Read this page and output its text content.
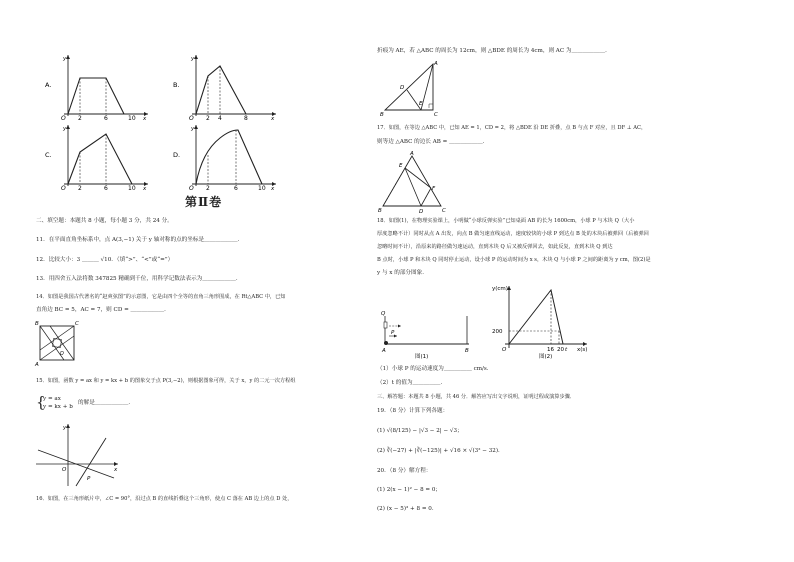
A.
y
x
O 2	6	10
B.
y
x
O 2 4	8
C.
y
x
O 2	6	10
D.
y
x
O 2	6	10
第Ⅱ卷
二、填空题：本题共 8 小题，每小题 3 分，共 24 分。
11．在平面直角坐标系中，点 A(3,−1) 关于 y 轴对称的点的坐标是＿＿＿＿＿＿．
12．比较大小：3 ＿＿＿ √10．（填“>”、“<”或“=”）
13．用四舍五入法将数 347825 精确到千位，用科学记数法表示为＿＿＿＿＿＿．
14．如图是我国古代著名的“赵爽弦图”的示意图，它是由四个全等的直角三角形围成，在 Rt△ABC 中，已知
直角边 BC = 5，AC = 7，则 CD = ＿＿＿＿＿＿．
B	C
A
D
15．如图，函数 y = ax 和 y = kx + b 的图象交于点 P(3,−2)，则根据图象可得，关于 x，y 的二元一次方程组
{
y = ax
y = kx + b
的解是＿＿＿＿＿＿．
y
O	x
P
16．如图，在三角形纸片中，∠C = 90°，沿过点 B 的直线折叠这个三角形，使点 C 落在 AB 边上的点 D 处，
折痕为 AE，若 △ABC 的周长为 12cm，则 △BDE 的周长为 4cm，则 AC 为＿＿＿＿＿＿．
A
D
E
B	C
17．如图，在等边 △ABC 中，已知 AE = 1，CD = 2，将 △BDE 沿 DE 折叠，点 B 与点 F 对应，且 DF ⊥ AC，
则等边 △ABC 的边长 AB = ＿＿＿＿＿＿．
A
E
F
B	D	C
18．如图(1)，在物理实验课上，小明做“小球反弹实验”已知桌面 AB 的长为 1600cm，小球 P 与木块 Q（大小
厚度忽略不计）同时从点 A 出发，向点 B 做匀速直线运动，速度较快的小球 P 到达点 B 处的木块后被弹回（后被弹回
忽略时间不计），沿原来的路径做匀速运动，直到木块 Q 后又被反弹回去，如此反复，直到木块 Q 到达
B 点时，小球 P 和木块 Q 同时停止运动，设小球 P 的运动时间为 x s，木块 Q 与小球 P 之间的距离为 y cm，图(2)是
y 与 x 的部分图象．
Q
P
A	B
图(1)
y(cm)
x(s)
200
O	16 20 t
图(2)
（1）小球 P 的运动速度为＿＿＿＿＿ cm/s．
（2）t 的值为＿＿＿＿＿．
三、解答题：本题共 8 小题，共 46 分．解答应写出文字说明，证明过程或演算步骤．
19．（8 分）计算下列各题：
(1) √(8/125) − |√3 − 2| − √3；
(2) ∛(−27) + |∛(−125)| + √16 × √(3² − 32)．
20．（8 分）解方程：
(1) 2(x − 1)² − 8 = 0；
(2) (x − 5)³ + 8 = 0．
